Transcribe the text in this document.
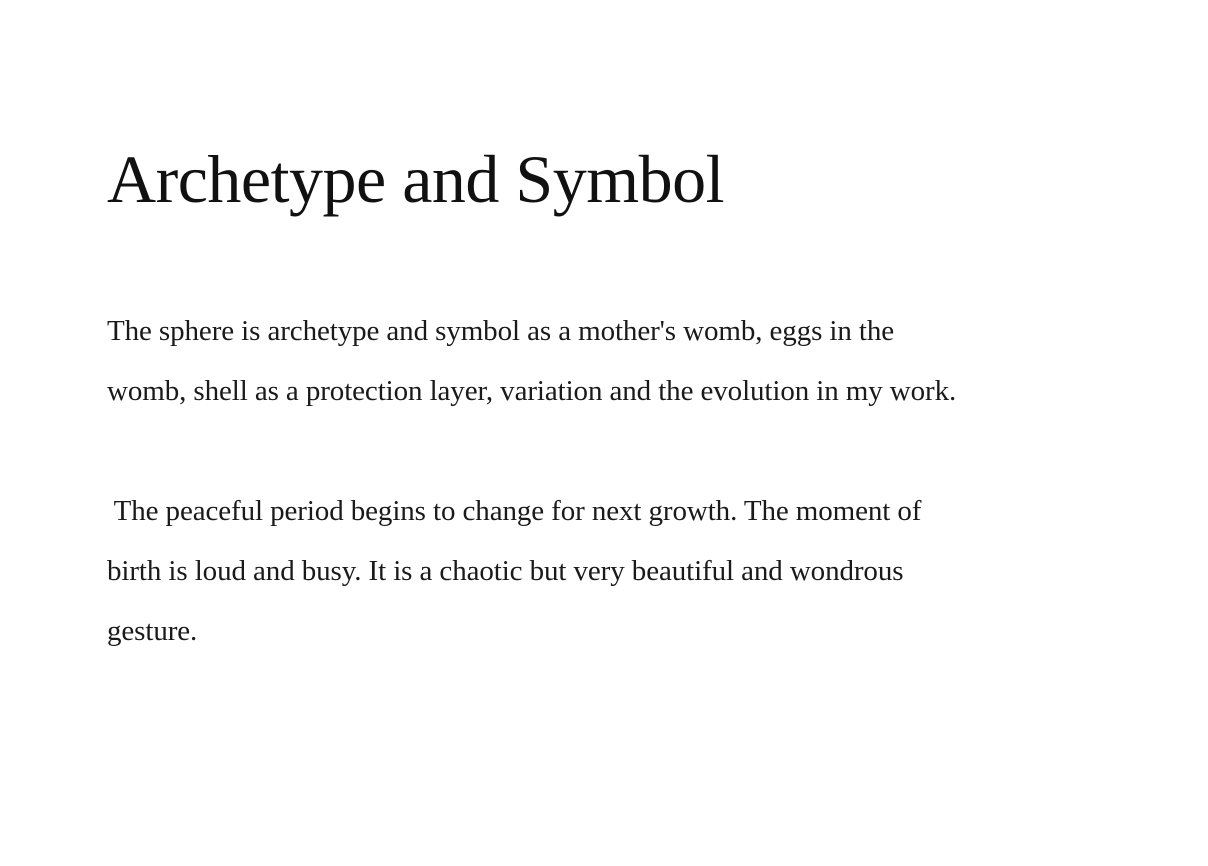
Archetype and Symbol

The sphere is archetype and symbol as a mother's womb, eggs in the
womb, shell as a protection layer, variation and the evolution in my work.

The peaceful period begins to change for next growth. The moment of
birth is loud and busy. It is a chaotic but very beautiful and wondrous
gesture.
